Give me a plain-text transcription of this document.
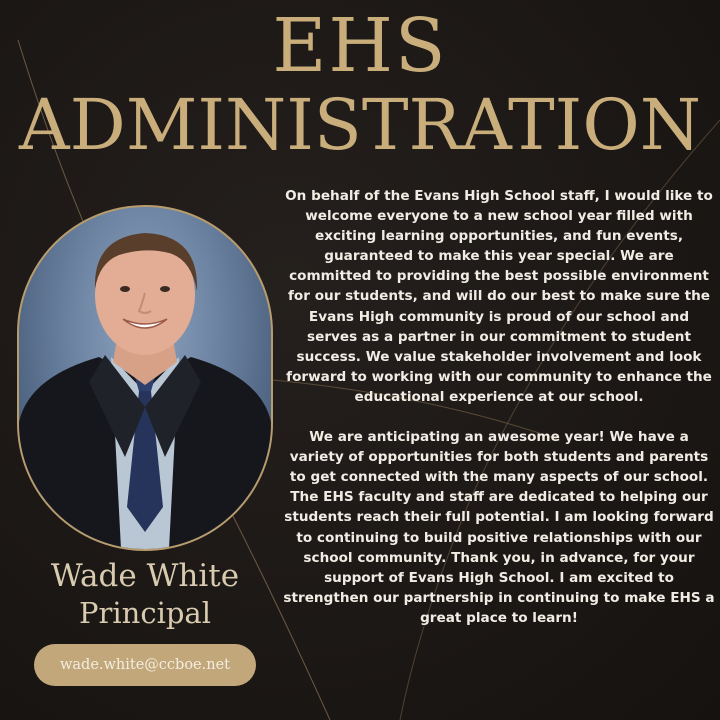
EHS
ADMINISTRATION
Wade White
Principal
wade.white@ccboe.net

On behalf of the Evans High School staff, I would like to welcome everyone to a new school year filled with exciting learning opportunities, and fun events, guaranteed to make this year special. We are committed to providing the best possible environment for our students, and will do our best to make sure the Evans High community is proud of our school and serves as a partner in our commitment to student success. We value stakeholder involvement and look forward to working with our community to enhance the educational experience at our school.

We are anticipating an awesome year! We have a variety of opportunities for both students and parents to get connected with the many aspects of our school. The EHS faculty and staff are dedicated to helping our students reach their full potential. I am looking forward to continuing to build positive relationships with our school community. Thank you, in advance, for your support of Evans High School. I am excited to strengthen our partnership in continuing to make EHS a great place to learn!
